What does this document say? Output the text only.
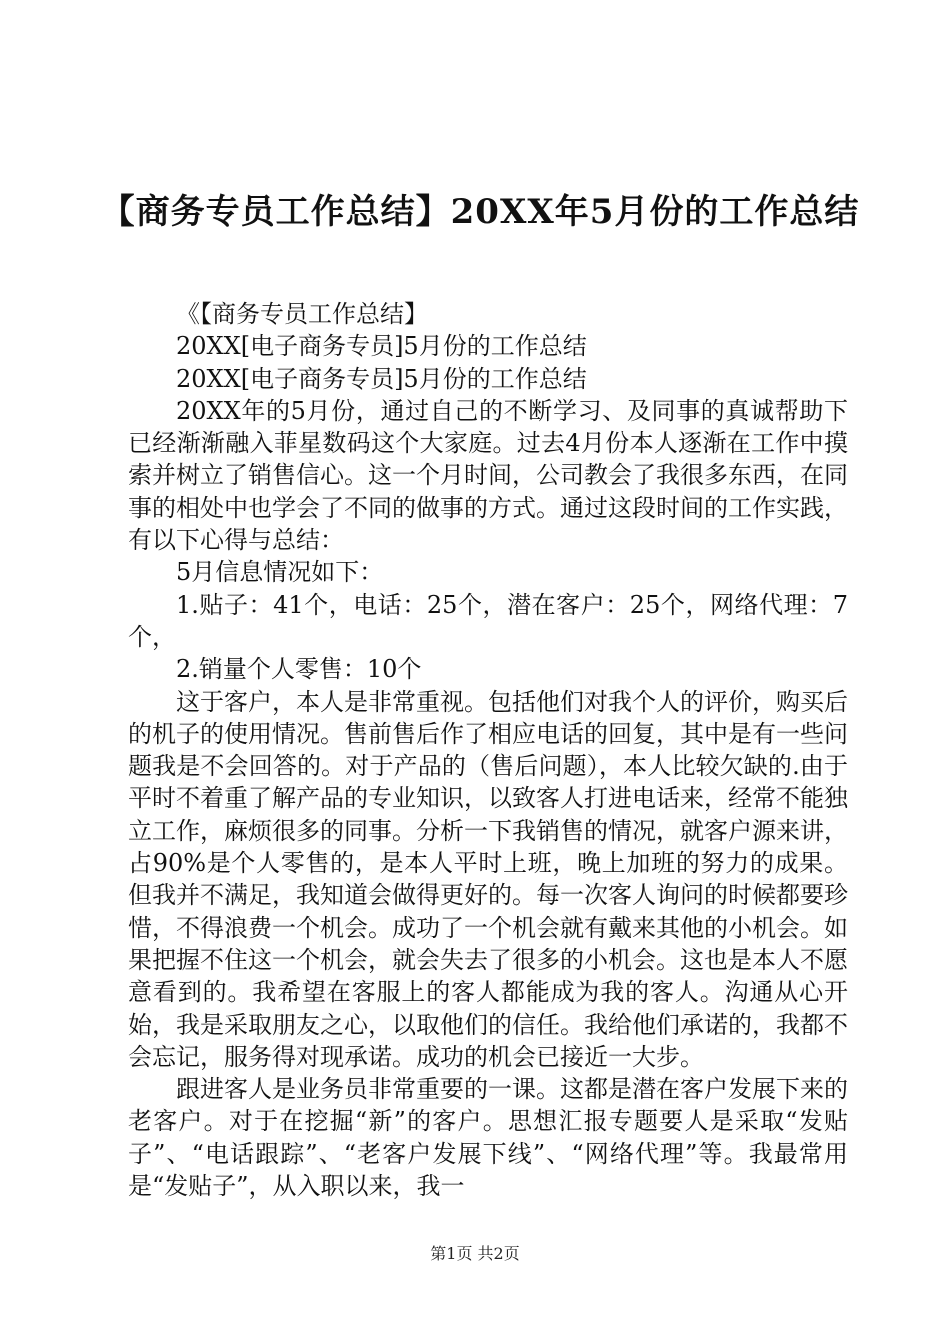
【商务专员工作总结】20XX年5月份的工作总结

《【商务专员工作总结】

20XX[电子商务专员]5月份的工作总结

20XX[电子商务专员]5月份的工作总结

20XX年的5月份，通过自己的不断学习、及同事的真诚帮助下已经渐渐融入菲星数码这个大家庭。过去4月份本人逐渐在工作中摸索并树立了销售信心。这一个月时间，公司教会了我很多东西，在同事的相处中也学会了不同的做事的方式。通过这段时间的工作实践，有以下心得与总结：

5月信息情况如下：

1.贴子：41个，电话：25个，潜在客户：25个，网络代理：7个，

2.销量个人零售：10个

这于客户，本人是非常重视。包括他们对我个人的评价，购买后的机子的使用情况。售前售后作了相应电话的回复，其中是有一些问题我是不会回答的。对于产品的（售后问题），本人比较欠缺的.由于平时不着重了解产品的专业知识，以致客人打进电话来，经常不能独立工作，麻烦很多的同事。分析一下我销售的情况，就客户源来讲，占90%是个人零售的，是本人平时上班，晚上加班的努力的成果。但我并不满足，我知道会做得更好的。每一次客人询问的时候都要珍惜，不得浪费一个机会。成功了一个机会就有戴来其他的小机会。如果把握不住这一个机会，就会失去了很多的小机会。这也是本人不愿意看到的。我希望在客服上的客人都能成为我的客人。沟通从心开始，我是采取朋友之心，以取他们的信任。我给他们承诺的，我都不会忘记，服务得对现承诺。成功的机会已接近一大步。

跟进客人是业务员非常重要的一课。这都是潜在客户发展下来的老客户。对于在挖掘“新”的客户。思想汇报专题要人是采取“发贴子”、“电话跟踪”、“老客户发展下线”、“网络代理”等。我最常用是“发贴子”，从入职以来，我一

第1页 共2页
